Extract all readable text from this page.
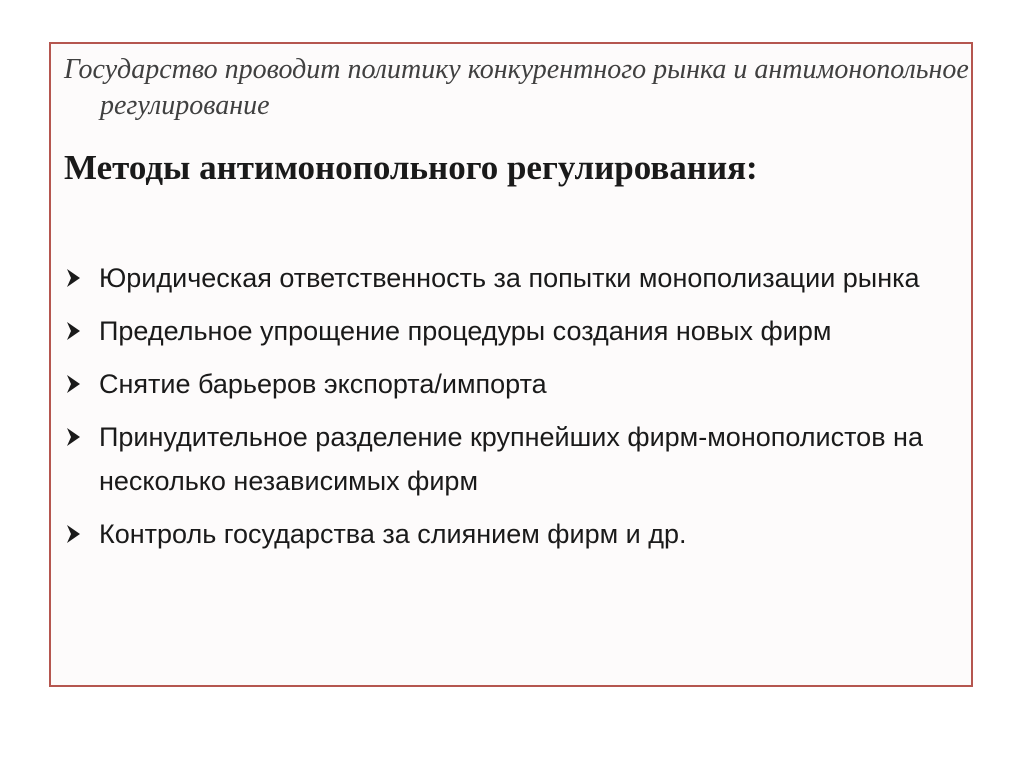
Государство проводит политику конкурентного рынка и антимонопольное регулирование

Методы антимонопольного регулирования:
Юридическая ответственность за попытки монополизации рынка
Предельное упрощение процедуры создания новых фирм
Снятие барьеров экспорта/импорта
Принудительное разделение крупнейших фирм-монополистов на несколько независимых фирм
Контроль государства за слиянием фирм и др.
